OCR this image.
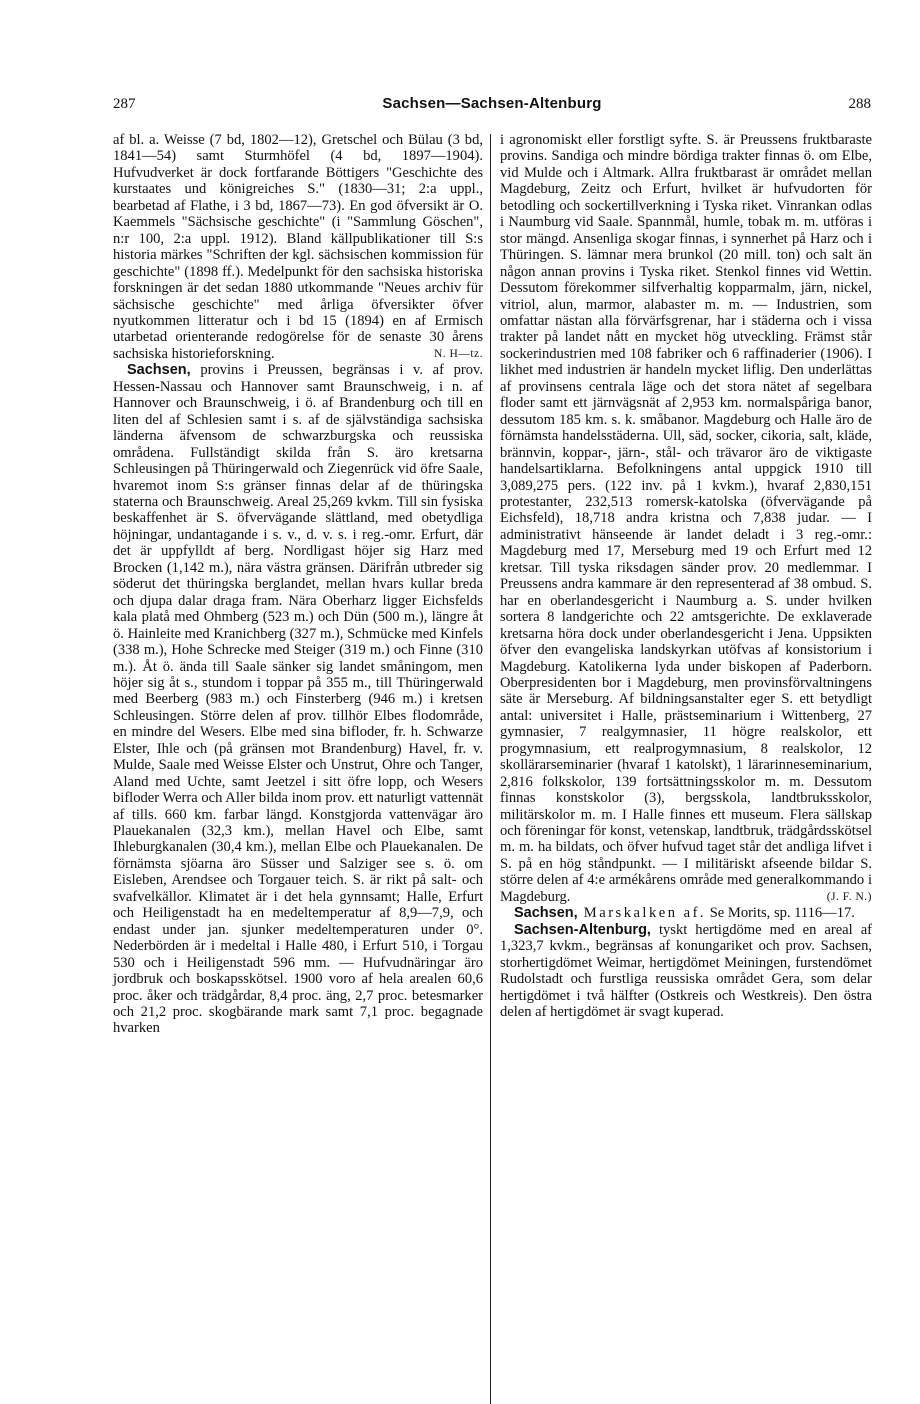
287	Sachsen—Sachsen-Altenburg	288

af bl. a. Weisse (7 bd, 1802—12), Gretschel och Bülau (3 bd, 1841—54) samt Sturmhöfel (4 bd, 1897—1904). Hufvudverket är dock fortfarande Böttigers "Geschichte des kurstaates und königreiches S." (1830—31; 2:a uppl., bearbetad af Flathe, i 3 bd, 1867—73). En god öfversikt är O. Kaemmels "Sächsische geschichte" (i "Sammlung Göschen", n:r 100, 2:a uppl. 1912). Bland källpublikationer till S:s historia märkes "Schriften der kgl. sächsischen kommission für geschichte" (1898 ff.). Medelpunkt för den sachsiska historiska forskningen är det sedan 1880 utkommande "Neues archiv für sächsische geschichte" med årliga öfversikter öfver nyutkommen litteratur och i bd 15 (1894) en af Ermisch utarbetad orienterande redogörelse för de senaste 30 årens sachsiska historieforskning.	N. H—tz.

Sachsen, provins i Preussen, begränsas i v. af prov. Hessen-Nassau och Hannover samt Braunschweig, i n. af Hannover och Braunschweig, i ö. af Brandenburg och till en liten del af Schlesien samt i s. af de självständiga sachsiska länderna äfvensom de schwarzburgska och reussiska områdena. Fullständigt skilda från S. äro kretsarna Schleusingen på Thüringerwald och Ziegenrück vid öfre Saale, hvaremot inom S:s gränser finnas delar af de thüringska staterna och Braunschweig. Areal 25,269 kvkm. Till sin fysiska beskaffenhet är S. öfvervägande slättland, med obetydliga höjningar, undantagande i s. v., d. v. s. i reg.-omr. Erfurt, där det är uppfylldt af berg. Nordligast höjer sig Harz med Brocken (1,142 m.), nära västra gränsen. Därifrån utbreder sig söderut det thüringska berglandet, mellan hvars kullar breda och djupa dalar draga fram. Nära Oberharz ligger Eichsfelds kala platå med Ohmberg (523 m.) och Dün (500 m.), längre åt ö. Hainleite med Kranichberg (327 m.), Schmücke med Kinfels (338 m.), Hohe Schrecke med Steiger (319 m.) och Finne (310 m.). Åt ö. ända till Saale sänker sig landet småningom, men höjer sig åt s., stundom i toppar på 355 m., till Thüringerwald med Beerberg (983 m.) och Finsterberg (946 m.) i kretsen Schleusingen. Större delen af prov. tillhör Elbes flodområde, en mindre del Wesers. Elbe med sina bifloder, fr. h. Schwarze Elster, Ihle och (på gränsen mot Brandenburg) Havel, fr. v. Mulde, Saale med Weisse Elster och Unstrut, Ohre och Tanger, Aland med Uchte, samt Jeetzel i sitt öfre lopp, och Wesers bifloder Werra och Aller bilda inom prov. ett naturligt vattennät af tills. 660 km. farbar längd. Konstgjorda vattenvägar äro Plauekanalen (32,3 km.), mellan Havel och Elbe, samt Ihleburgkanalen (30,4 km.), mellan Elbe och Plauekanalen. De förnämsta sjöarna äro Süsser und Salziger see s. ö. om Eisleben, Arendsee och Torgauer teich. S. är rikt på salt- och svafvelkällor. Klimatet är i det hela gynnsamt; Halle, Erfurt och Heiligenstadt ha en medeltemperatur af 8,9—7,9, och endast under jan. sjunker medeltemperaturen under 0°. Nederbörden är i medeltal i Halle 480, i Erfurt 510, i Torgau 530 och i Heiligenstadt 596 mm. — Hufvudnäringar äro jordbruk och boskapsskötsel. 1900 voro af hela arealen 60,6 proc. åker och trädgårdar, 8,4 proc. äng, 2,7 proc. betesmarker och 21,2 proc. skogbärande mark samt 7,1 proc. begagnade hvarken

i agronomiskt eller forstligt syfte. S. är Preussens fruktbaraste provins. Sandiga och mindre bördiga trakter finnas ö. om Elbe, vid Mulde och i Altmark. Allra fruktbarast är området mellan Magdeburg, Zeitz och Erfurt, hvilket är hufvudorten för betodling och sockertillverkning i Tyska riket. Vinrankan odlas i Naumburg vid Saale. Spannmål, humle, tobak m. m. utföras i stor mängd. Ansenliga skogar finnas, i synnerhet på Harz och i Thüringen. S. lämnar mera brunkol (20 mill. ton) och salt än någon annan provins i Tyska riket. Stenkol finnes vid Wettin. Dessutom förekommer silfverhaltig kopparmalm, järn, nickel, vitriol, alun, marmor, alabaster m. m. — Industrien, som omfattar nästan alla förvärfsgrenar, har i städerna och i vissa trakter på landet nått en mycket hög utveckling. Främst står sockerindustrien med 108 fabriker och 6 raffinaderier (1906). I likhet med industrien är handeln mycket liflig. Den underlättas af provinsens centrala läge och det stora nätet af segelbara floder samt ett järnvägsnät af 2,953 km. normalspåriga banor, dessutom 185 km. s. k. småbanor. Magdeburg och Halle äro de förnämsta handelsstäderna. Ull, säd, socker, cikoria, salt, kläde, brännvin, koppar-, järn-, stål- och trävaror äro de viktigaste handelsartiklarna. Befolkningens antal uppgick 1910 till 3,089,275 pers. (122 inv. på 1 kvkm.), hvaraf 2,830,151 protestanter, 232,513 romersk-katolska (öfvervägande på Eichsfeld), 18,718 andra kristna och 7,838 judar. — I administrativt hänseende är landet deladt i 3 reg.-omr.: Magdeburg med 17, Merseburg med 19 och Erfurt med 12 kretsar. Till tyska riksdagen sänder prov. 20 medlemmar. I Preussens andra kammare är den representerad af 38 ombud. S. har en oberlandesgericht i Naumburg a. S. under hvilken sortera 8 landgerichte och 22 amtsgerichte. De exklaverade kretsarna höra dock under oberlandesgericht i Jena. Uppsikten öfver den evangeliska landskyrkan utöfvas af konsistorium i Magdeburg. Katolikerna lyda under biskopen af Paderborn. Oberpresidenten bor i Magdeburg, men provinsförvaltningens säte är Merseburg. Af bildningsanstalter eger S. ett betydligt antal: universitet i Halle, prästseminarium i Wittenberg, 27 gymnasier, 7 realgymnasier, 11 högre realskolor, ett progymnasium, ett realprogymnasium, 8 realskolor, 12 skollärarseminarier (hvaraf 1 katolskt), 1 lärarinneseminarium, 2,816 folkskolor, 139 fortsättningsskolor m. m. Dessutom finnas konstskolor (3), bergsskola, landtbruksskolor, militärskolor m. m. I Halle finnes ett museum. Flera sällskap och föreningar för konst, vetenskap, landtbruk, trädgårdsskötsel m. m. ha bildats, och öfver hufvud taget står det andliga lifvet i S. på en hög ståndpunkt. — I militäriskt afseende bildar S. större delen af 4:e armékårens område med generalkommando i Magdeburg.	(J. F. N.)

Sachsen, Marskalken af. Se Morits, sp. 1116—17.

Sachsen-Altenburg, tyskt hertigdöme med en areal af 1,323,7 kvkm., begränsas af konungariket och prov. Sachsen, storhertigdömet Weimar, hertigdömet Meiningen, furstendömet Rudolstadt och furstliga reussiska området Gera, som delar hertigdömet i två hälfter (Ostkreis och Westkreis). Den östra delen af hertigdömet är svagt kuperad.
